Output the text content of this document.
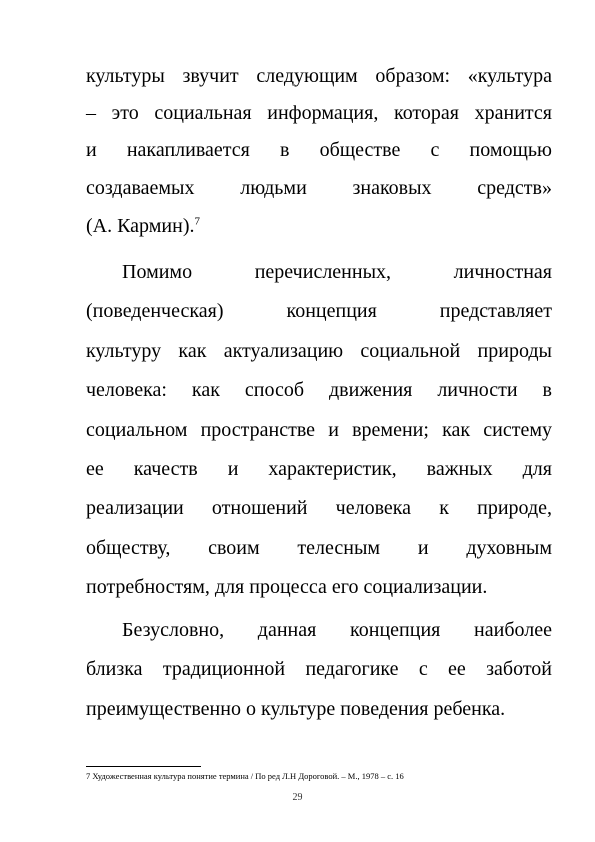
культуры звучит следующим образом: «культура
– это социальная информация, которая хранится
и накапливается в обществе с помощью
создаваемых людьми знаковых средств»
(А. Кармин).$^7$
Помимо перечисленных, личностная
(поведенческая) концепция представляет
культуру как актуализацию социальной природы
человека: как способ движения личности в
социальном пространстве и времени; как систему
ее качеств и характеристик, важных для
реализации отношений человека к природе,
обществу, своим телесным и духовным
потребностям, для процесса его социализации.
Безусловно, данная концепция наиболее
близка традиционной педагогике с ее заботой
преимущественно о культуре поведения ребенка.
7 Художественная культура понятие термина / По ред Л.Н Дороговой. – М., 1978 – с. 16
29
